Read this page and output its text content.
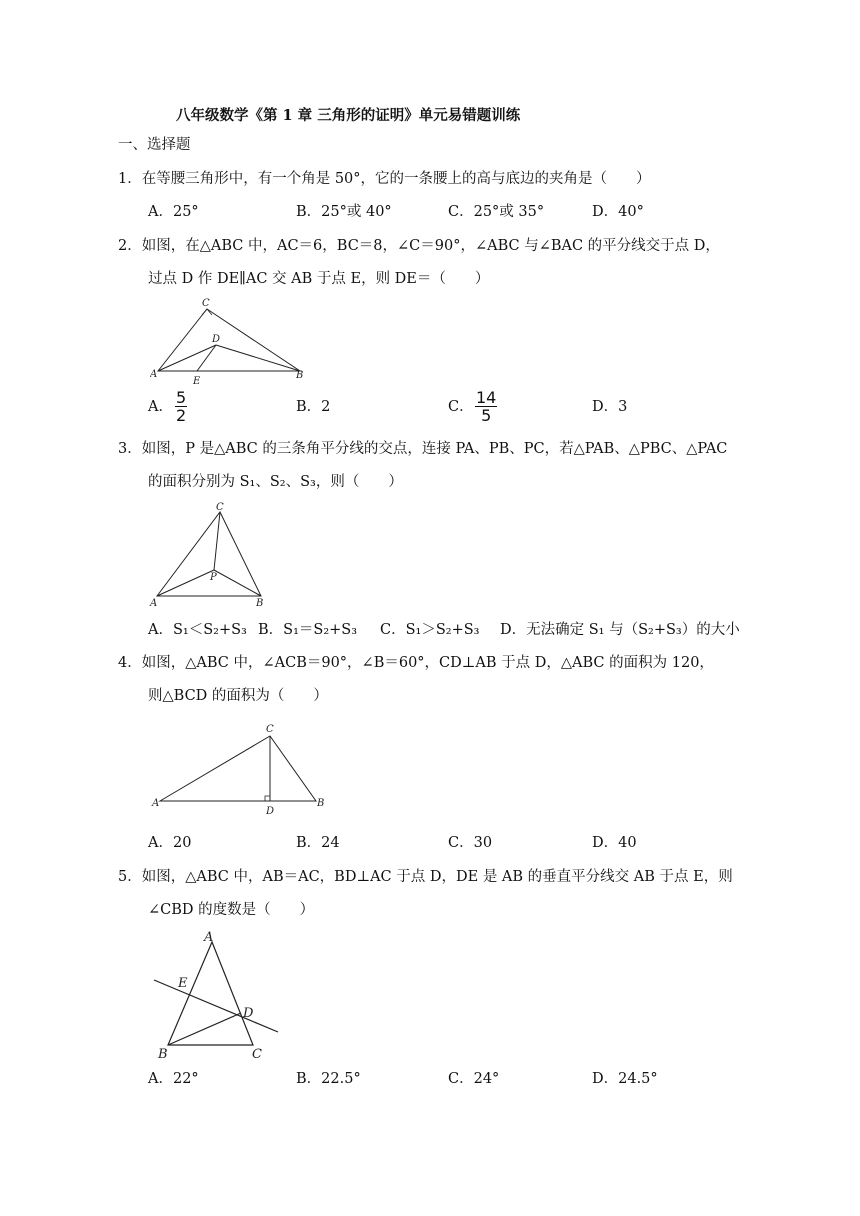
八年级数学《第 1 章 三角形的证明》单元易错题训练
一、选择题
1．在等腰三角形中，有一个角是 50°，它的一条腰上的高与底边的夹角是（　　）
A．25°	B．25°或 40°	C．25°或 35°	D．40°
2．如图，在△ABC 中，AC＝6，BC＝8，∠C＝90°，∠ABC 与∠BAC 的平分线交于点 D，
过点 D 作 DE∥AC 交 AB 于点 E，则 DE＝（　　）
C
D
A
E
B
A． $\frac{5}{2}$	B．2	C． $\frac{14}{5}$	D．3
3．如图，P 是△ABC 的三条角平分线的交点，连接 PA、PB、PC，若△PAB、△PBC、△PAC
的面积分别为 S₁、S₂、S₃，则（　　）
C
P
A	B
A．S₁＜S₂+S₃ B．S₁＝S₂+S₃ C．S₁＞S₂+S₃ D．无法确定 S₁ 与（S₂+S₃）的大小
4．如图，△ABC 中，∠ACB＝90°，∠B＝60°，CD⊥AB 于点 D，△ABC 的面积为 120，
则△BCD 的面积为（　　）
C
A
D
B
A．20	B．24	C．30	D．40
5．如图，△ABC 中，AB＝AC，BD⊥AC 于点 D，DE 是 AB 的垂直平分线交 AB 于点 E，则
∠CBD 的度数是（　　）
A
E
D
B	C
A．22°	B．22.5°	C．24°	D．24.5°
